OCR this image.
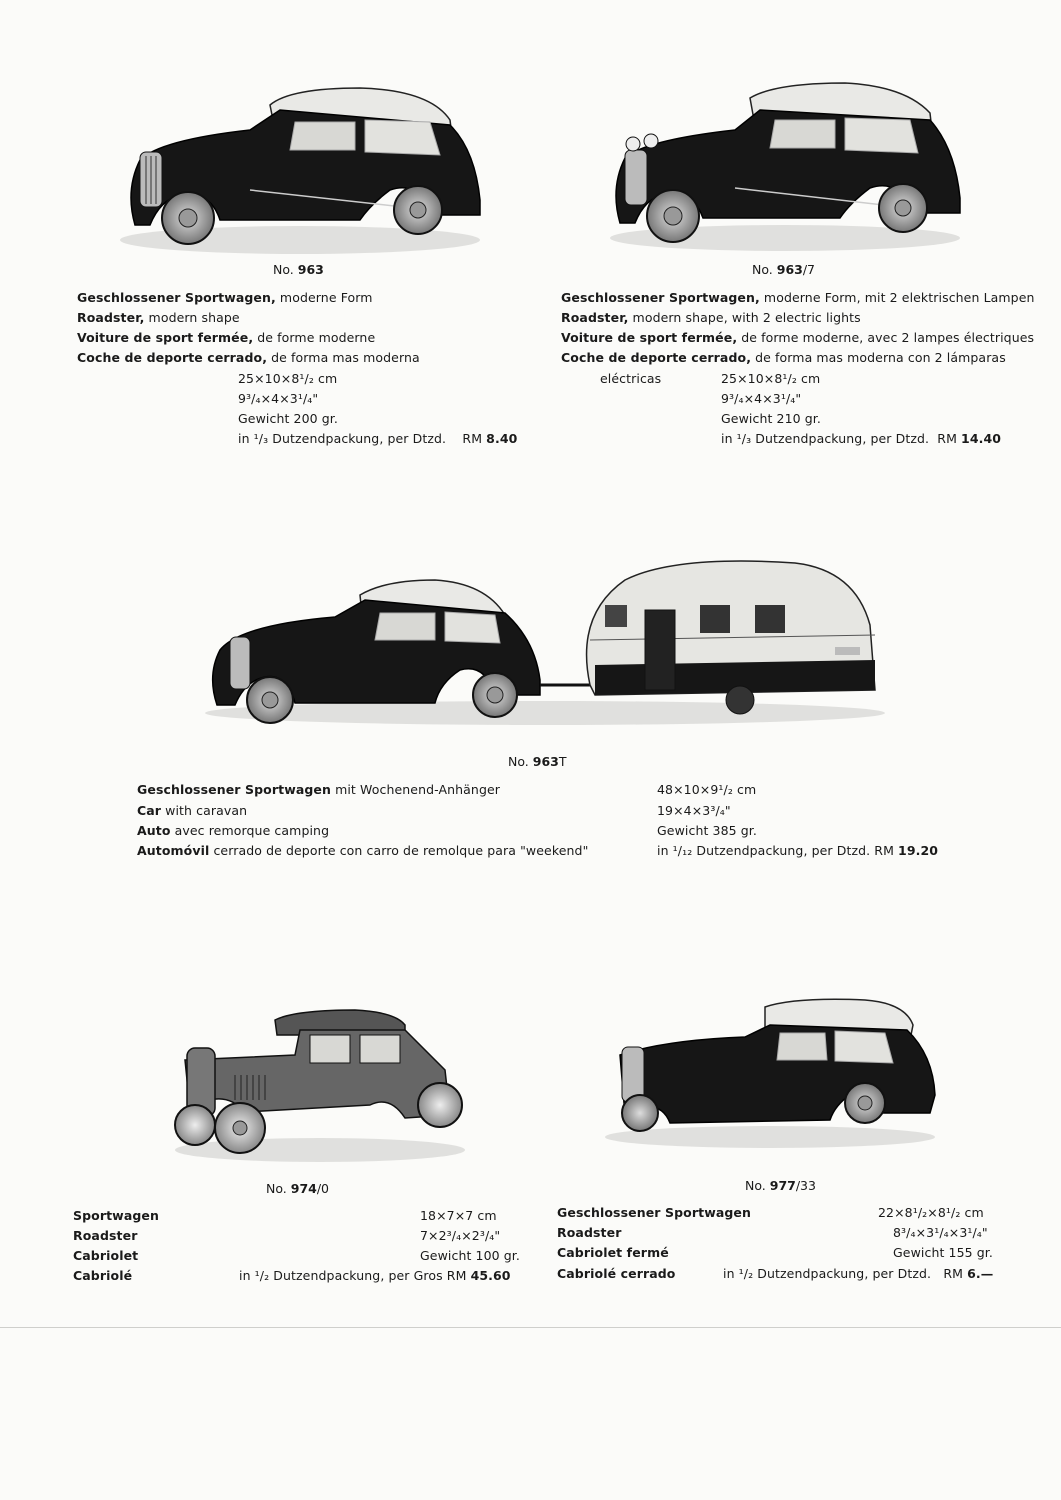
No. 963
Geschlossener Sportwagen, moderne Form
Roadster, modern shape
Voiture de sport fermée, de forme moderne
Coche de deporte cerrado, de forma mas moderna
25×10×8¹/₂ cm
9³/₄×4×3¹/₄"
Gewicht 200 gr.
in ¹/₃ Dutzendpackung, per Dtzd. RM 8.40
No. 963/7
Geschlossener Sportwagen, moderne Form, mit 2 elektrischen Lampen
Roadster, modern shape, with 2 electric lights
Voiture de sport fermée, de forme moderne, avec 2 lampes électriques
Coche de deporte cerrado, de forma mas moderna con 2 lámparas
eléctricas	25×10×8¹/₂ cm
9³/₄×4×3¹/₄"
Gewicht 210 gr.
in ¹/₃ Dutzendpackung, per Dtzd. RM 14.40
No. 963T
Geschlossener Sportwagen mit Wochenend-Anhänger
Car with caravan
Auto avec remorque camping
Automóvil cerrado de deporte con carro de remolque para "weekend"
48×10×9¹/₂ cm
19×4×3³/₄"
Gewicht 385 gr.
in ¹/₁₂ Dutzendpackung, per Dtzd. RM 19.20
No. 974/0
Sportwagen
Roadster
Cabriolet
Cabriolé
18×7×7 cm
7×2³/₄×2³/₄"
Gewicht 100 gr.
in ¹/₂ Dutzendpackung, per Gros RM 45.60
No. 977/33
Geschlossener Sportwagen
Roadster
Cabriolet fermé
Cabriolé cerrado
22×8¹/₂×8¹/₂ cm
8³/₄×3¹/₄×3¹/₄"
Gewicht 155 gr.
in ¹/₂ Dutzendpackung, per Dtzd. RM 6.—
